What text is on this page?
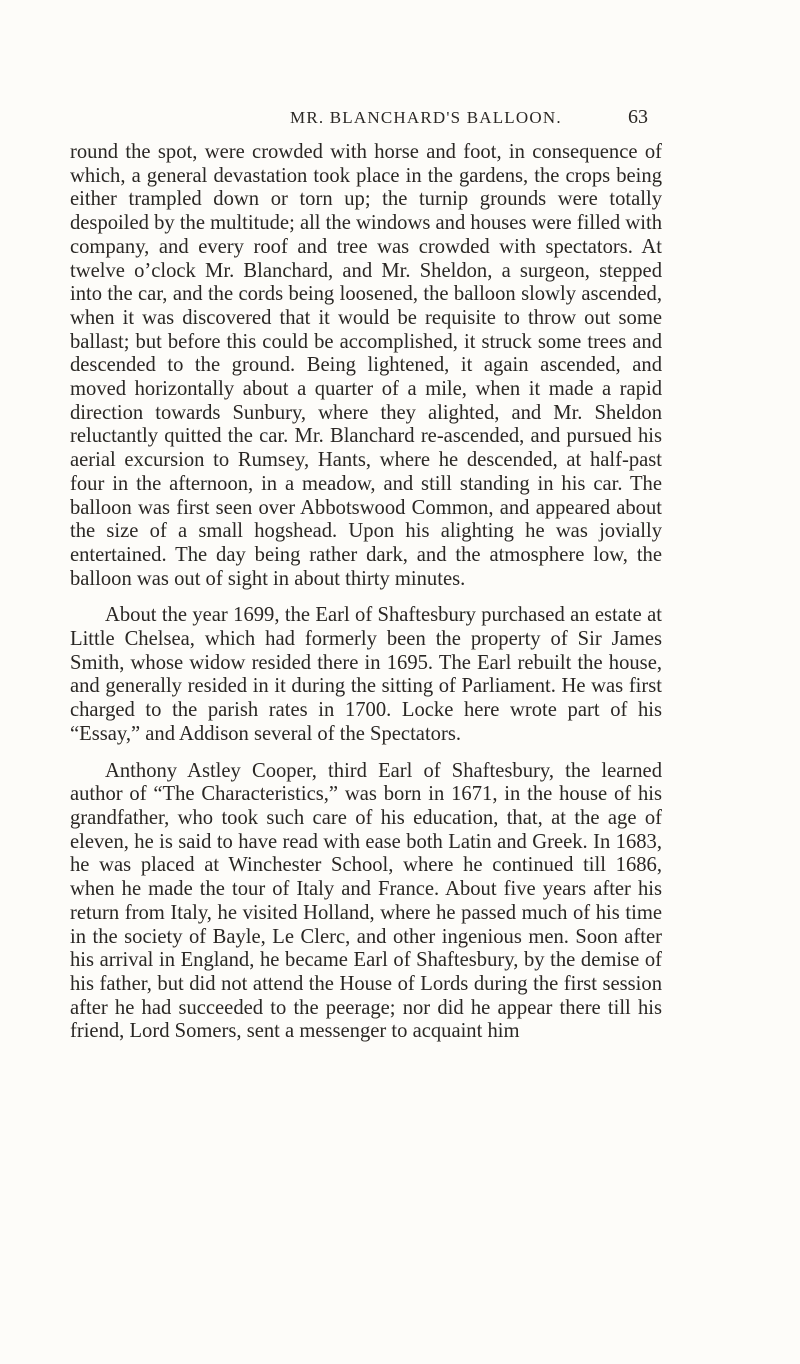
MR. BLANCHARD'S BALLOON.	63

round the spot, were crowded with horse and foot, in consequence of which, a general devastation took place in the gardens, the crops being either trampled down or torn up; the turnip grounds were totally despoiled by the multitude; all the windows and houses were filled with company, and every roof and tree was crowded with spectators. At twelve o’clock Mr. Blanchard, and Mr. Sheldon, a surgeon, stepped into the car, and the cords being loosened, the balloon slowly ascended, when it was discovered that it would be requisite to throw out some ballast; but before this could be accomplished, it struck some trees and descended to the ground. Being lightened, it again ascended, and moved horizontally about a quarter of a mile, when it made a rapid direction towards Sunbury, where they alighted, and Mr. Sheldon reluctantly quitted the car. Mr. Blanchard re-ascended, and pursued his aerial excursion to Rumsey, Hants, where he descended, at half-past four in the afternoon, in a meadow, and still standing in his car. The balloon was first seen over Abbotswood Common, and appeared about the size of a small hogshead. Upon his alighting he was jovially entertained. The day being rather dark, and the atmosphere low, the balloon was out of sight in about thirty minutes.

About the year 1699, the Earl of Shaftesbury purchased an estate at Little Chelsea, which had formerly been the property of Sir James Smith, whose widow resided there in 1695. The Earl rebuilt the house, and generally resided in it during the sitting of Parliament. He was first charged to the parish rates in 1700. Locke here wrote part of his “Essay,” and Addison several of the Spectators.

Anthony Astley Cooper, third Earl of Shaftesbury, the learned author of “The Characteristics,” was born in 1671, in the house of his grandfather, who took such care of his education, that, at the age of eleven, he is said to have read with ease both Latin and Greek. In 1683, he was placed at Winchester School, where he continued till 1686, when he made the tour of Italy and France. About five years after his return from Italy, he visited Holland, where he passed much of his time in the society of Bayle, Le Clerc, and other ingenious men. Soon after his arrival in England, he became Earl of Shaftesbury, by the demise of his father, but did not attend the House of Lords during the first session after he had succeeded to the peerage; nor did he appear there till his friend, Lord Somers, sent a messenger to acquaint him
